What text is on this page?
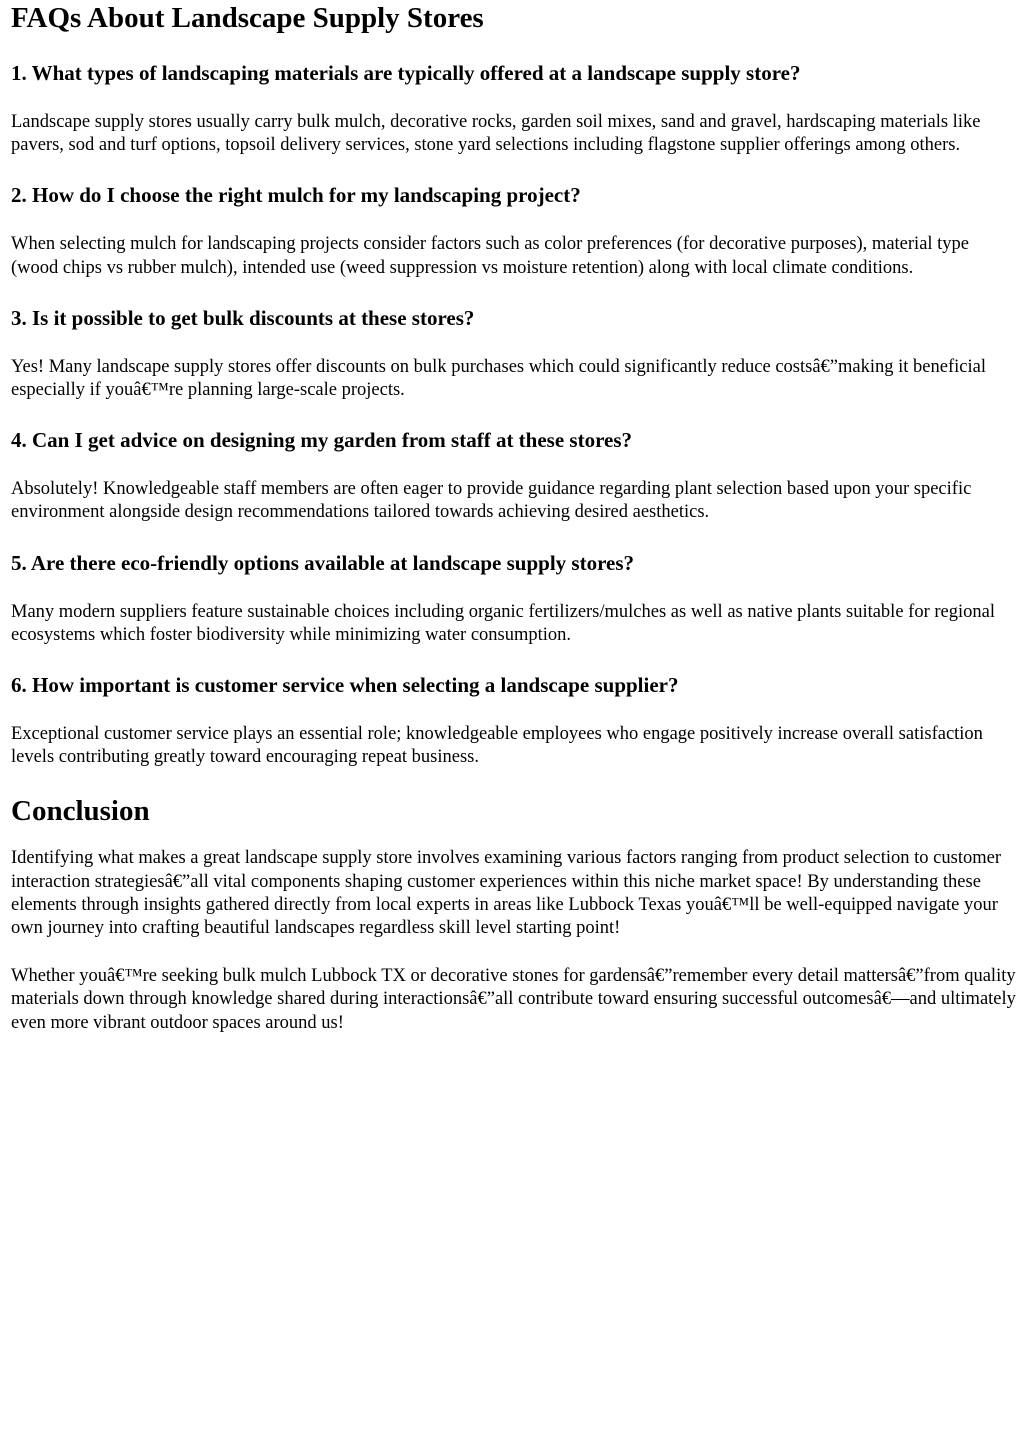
FAQs About Landscape Supply Stores
1. What types of landscaping materials are typically offered at a landscape supply store?

Landscape supply stores usually carry bulk mulch, decorative rocks, garden soil mixes, sand and gravel, hardscaping materials like pavers, sod and turf options, topsoil delivery services, stone yard selections including flagstone supplier offerings among others.

2. How do I choose the right mulch for my landscaping project?

When selecting mulch for landscaping projects consider factors such as color preferences (for decorative purposes), material type (wood chips vs rubber mulch), intended use (weed suppression vs moisture retention) along with local climate conditions.

3. Is it possible to get bulk discounts at these stores?

Yes! Many landscape supply stores offer discounts on bulk purchases which could significantly reduce costsâ€”making it beneficial especially if youâ€™re planning large-scale projects.

4. Can I get advice on designing my garden from staff at these stores?

Absolutely! Knowledgeable staff members are often eager to provide guidance regarding plant selection based upon your specific environment alongside design recommendations tailored towards achieving desired aesthetics.

5. Are there eco-friendly options available at landscape supply stores?

Many modern suppliers feature sustainable choices including organic fertilizers/mulches as well as native plants suitable for regional ecosystems which foster biodiversity while minimizing water consumption.

6. How important is customer service when selecting a landscape supplier?

Exceptional customer service plays an essential role; knowledgeable employees who engage positively increase overall satisfaction levels contributing greatly toward encouraging repeat business.

Conclusion

Identifying what makes a great landscape supply store involves examining various factors ranging from product selection to customer interaction strategiesâ€”all vital components shaping customer experiences within this niche market space! By understanding these elements through insights gathered directly from local experts in areas like Lubbock Texas youâ€™ll be well-equipped navigate your own journey into crafting beautiful landscapes regardless skill level starting point!

Whether youâ€™re seeking bulk mulch Lubbock TX or decorative stones for gardensâ€”remember every detail mattersâ€”from quality materials down through knowledge shared during interactionsâ€”all contribute toward ensuring successful outcomesâ€—and ultimately even more vibrant outdoor spaces around us!
